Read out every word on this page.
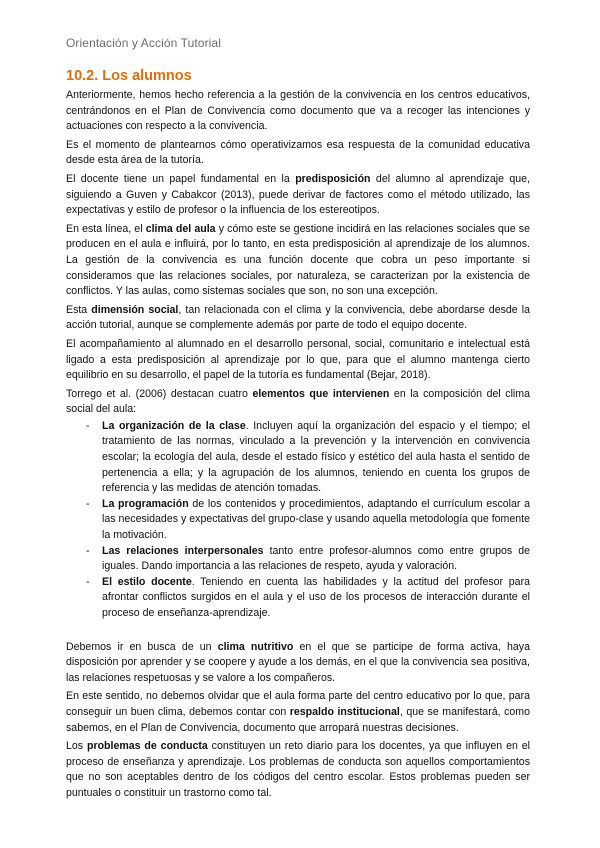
Orientación y Acción Tutorial
10.2. Los alumnos

Anteriormente, hemos hecho referencia a la gestión de la convivencia en los centros educativos, centrándonos en el Plan de Convivencia como documento que va a recoger las intenciones y actuaciones con respecto a la convivencia.

Es el momento de plantearnos cómo operativizamos esa respuesta de la comunidad educativa desde esta área de la tutoría.

El docente tiene un papel fundamental en la predisposición del alumno al aprendizaje que, siguiendo a Guven y Cabakcor (2013), puede derivar de factores como el método utilizado, las expectativas y estilo de profesor o la influencia de los estereotipos.

En esta línea, el clima del aula y cómo este se gestione incidirá en las relaciones sociales que se producen en el aula e influirá, por lo tanto, en esta predisposición al aprendizaje de los alumnos. La gestión de la convivencia es una función docente que cobra un peso importante si consideramos que las relaciones sociales, por naturaleza, se caracterizan por la existencia de conflictos. Y las aulas, como sistemas sociales que son, no son una excepción.

Esta dimensión social, tan relacionada con el clima y la convivencia, debe abordarse desde la acción tutorial, aunque se complemente además por parte de todo el equipo docente.

El acompañamiento al alumnado en el desarrollo personal, social, comunitario e intelectual está ligado a esta predisposición al aprendizaje por lo que, para que el alumno mantenga cierto equilibrio en su desarrollo, el papel de la tutoría es fundamental (Bejar, 2018).

Torrego et al. (2006) destacan cuatro elementos que intervienen en la composición del clima social del aula:

- La organización de la clase. Incluyen aquí la organización del espacio y el tiempo; el tratamiento de las normas, vinculado a la prevención y la intervención en convivencia escolar; la ecología del aula, desde el estado físico y estético del aula hasta el sentido de pertenencia a ella; y la agrupación de los alumnos, teniendo en cuenta los grupos de referencia y las medidas de atención tomadas.
- La programación de los contenidos y procedimientos, adaptando el currículum escolar a las necesidades y expectativas del grupo-clase y usando aquella metodología que fomente la motivación.
- Las relaciones interpersonales tanto entre profesor-alumnos como entre grupos de iguales. Dando importancia a las relaciones de respeto, ayuda y valoración.
- El estilo docente. Teniendo en cuenta las habilidades y la actitud del profesor para afrontar conflictos surgidos en el aula y el uso de los procesos de interacción durante el proceso de enseñanza-aprendizaje.

Debemos ir en busca de un clima nutritivo en el que se participe de forma activa, haya disposición por aprender y se coopere y ayude a los demás, en el que la convivencia sea positiva, las relaciones respetuosas y se valore a los compañeros.

En este sentido, no debemos olvidar que el aula forma parte del centro educativo por lo que, para conseguir un buen clima, debemos contar con respaldo institucional, que se manifestará, como sabemos, en el Plan de Convivencia, documento que arropará nuestras decisiones.

Los problemas de conducta constituyen un reto diario para los docentes, ya que influyen en el proceso de enseñanza y aprendizaje. Los problemas de conducta son aquellos comportamientos que no son aceptables dentro de los códigos del centro escolar. Estos problemas pueden ser puntuales o constituir un trastorno como tal.
